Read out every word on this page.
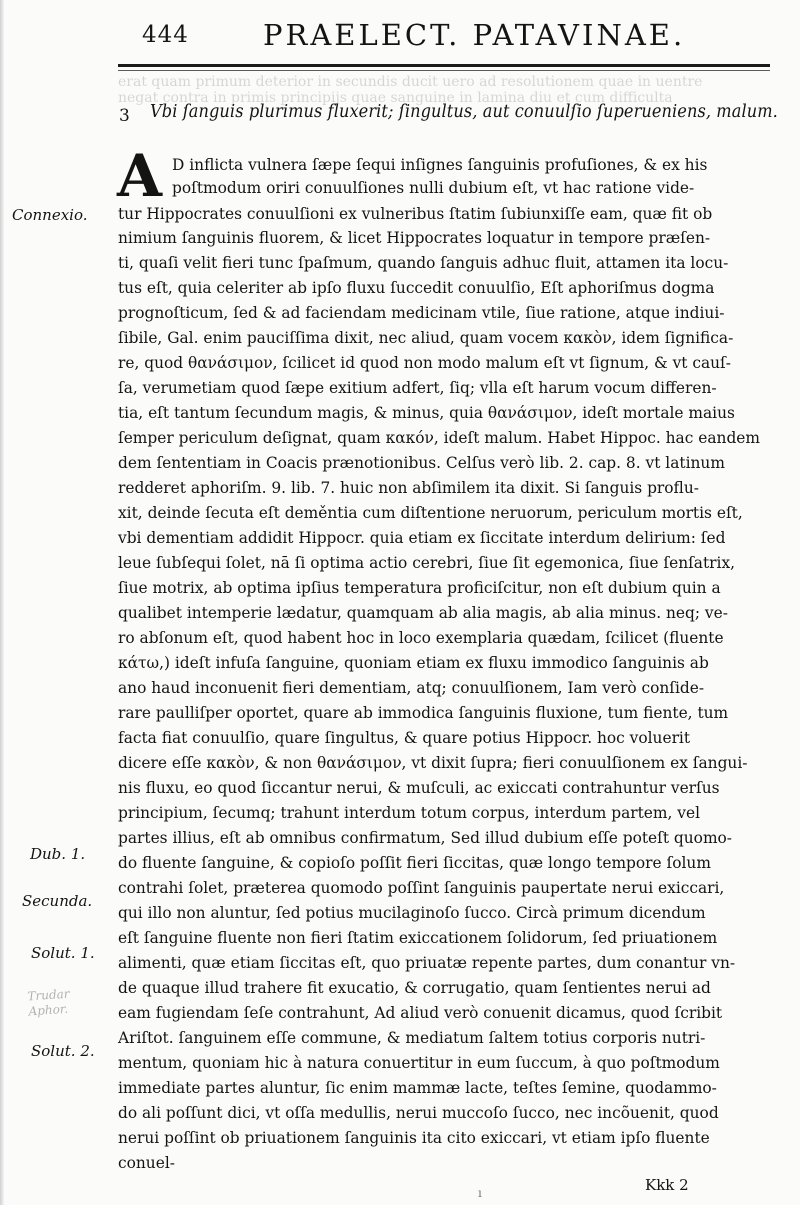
444	PRAELECT. PATAVINAE.
erat quam primum deterior in secundis ducit uero ad resolutionem quae in uentre
negat contra in primis principijs quae sanguine in lamina diu et cum difficulta
3 Vbi ſanguis plurimus fluxerit; ſingultus, aut conuulſio ſuperueniens, malum.
A
Connexio.
Dub. 1.
Secunda.
Solut. 1.
Solut. 2.
Trudar
Aphor.
D inflicta vulnera ſæpe ſequi inſignes ſanguinis profuſiones, & ex his
poſtmodum oriri conuulſiones nulli dubium eſt, vt hac ratione vide-
tur Hippocrates conuulſioni ex vulneribus ſtatim ſubiunxiſſe eam, quæ fit ob
nimium ſanguinis fluorem, & licet Hippocrates loquatur in tempore præſen-
ti, quaſi velit fieri tunc ſpaſmum, quando ſanguis adhuc fluit, attamen ita locu-
tus eſt, quia celeriter ab ipſo fluxu ſuccedit conuulſio, Eſt aphoriſmus dogma
prognoſticum, ſed & ad faciendam medicinam vtile, ſiue ratione, atque indiui-
ſibile, Gal. enim pauciſſima dixit, nec aliud, quam vocem κακὸν, idem ſignifica-
re, quod θανάσιμον, ſcilicet id quod non modo malum eſt vt ſignum, & vt cauſ-
ſa, verumetiam quod ſæpe exitium adfert, ſiq; vlla eſt harum vocum differen-
tia, eſt tantum ſecundum magis, & minus, quia θανάσιμον, ideſt mortale maius
ſemper periculum deſignat, quam κακόν, ideſt malum. Habet Hippoc. hac eandem
dem ſententiam in Coacis prænotionibus. Celſus verò lib. 2. cap. 8. vt latinum
redderet aphoriſm. 9. lib. 7. huic non abſimilem ita dixit. Si ſanguis proflu-
xit, deinde ſecuta eſt deměntia cum diſtentione neruorum, periculum mortis eſt,
vbi dementiam addidit Hippocr. quia etiam ex ſiccitate interdum delirium: ſed
leue ſubſequi ſolet, nā ſi optima actio cerebri, ſiue ſit egemonica, ſiue ſenſatrix,
ſiue motrix, ab optima ipſius temperatura proficiſcitur, non eſt dubium quin a
qualibet intemperie lædatur, quamquam ab alia magis, ab alia minus. neq; ve-
ro abſonum eſt, quod habent hoc in loco exemplaria quædam, ſcilicet (fluente
κάτω,) ideſt infuſa ſanguine, quoniam etiam ex fluxu immodico ſanguinis ab
ano haud inconuenit fieri dementiam, atq; conuulſionem, Iam verò conſide-
rare paulliſper oportet, quare ab immodica ſanguinis fluxione, tum fiente, tum
facta fiat conuulſio, quare ſingultus, & quare potius Hippocr. hoc voluerit
dicere eſſe κακὸν, & non θανάσιμον, vt dixit ſupra; fieri conuulſionem ex ſangui-
nis fluxu, eo quod ſiccantur nerui, & muſculi, ac exiccati contrahuntur verſus
principium, ſecumq; trahunt interdum totum corpus, interdum partem, vel
partes illius, eſt ab omnibus confirmatum, Sed illud dubium eſſe poteſt quomo-
do fluente ſanguine, & copioſo poſſit fieri ſiccitas, quæ longo tempore ſolum
contrahi ſolet, præterea quomodo poſſint ſanguinis paupertate nerui exiccari,
qui illo non aluntur, ſed potius mucilaginoſo ſucco. Circà primum dicendum
eſt ſanguine fluente non fieri ſtatim exiccationem ſolidorum, ſed priuationem
alimenti, quæ etiam ſiccitas eſt, quo priuatæ repente partes, dum conantur vn-
de quaque illud trahere fit exucatio, & corrugatio, quam ſentientes nerui ad
eam fugiendam ſeſe contrahunt, Ad aliud verò conuenit dicamus, quod ſcribit
Ariſtot. ſanguinem eſſe commune, & mediatum ſaltem totius corporis nutri-
mentum, quoniam hic à natura conuertitur in eum ſuccum, à quo poſtmodum
immediate partes aluntur, ſic enim mammæ lacte, teſtes ſemine, quodammo-
do ali poſſunt dici, vt oſſa medullis, nerui muccoſo ſucco, nec incõuenit, quod
nerui poſſint ob priuationem ſanguinis ita cito exiccari, vt etiam ipſo fluente
conuel-
Kkk 2
ı
